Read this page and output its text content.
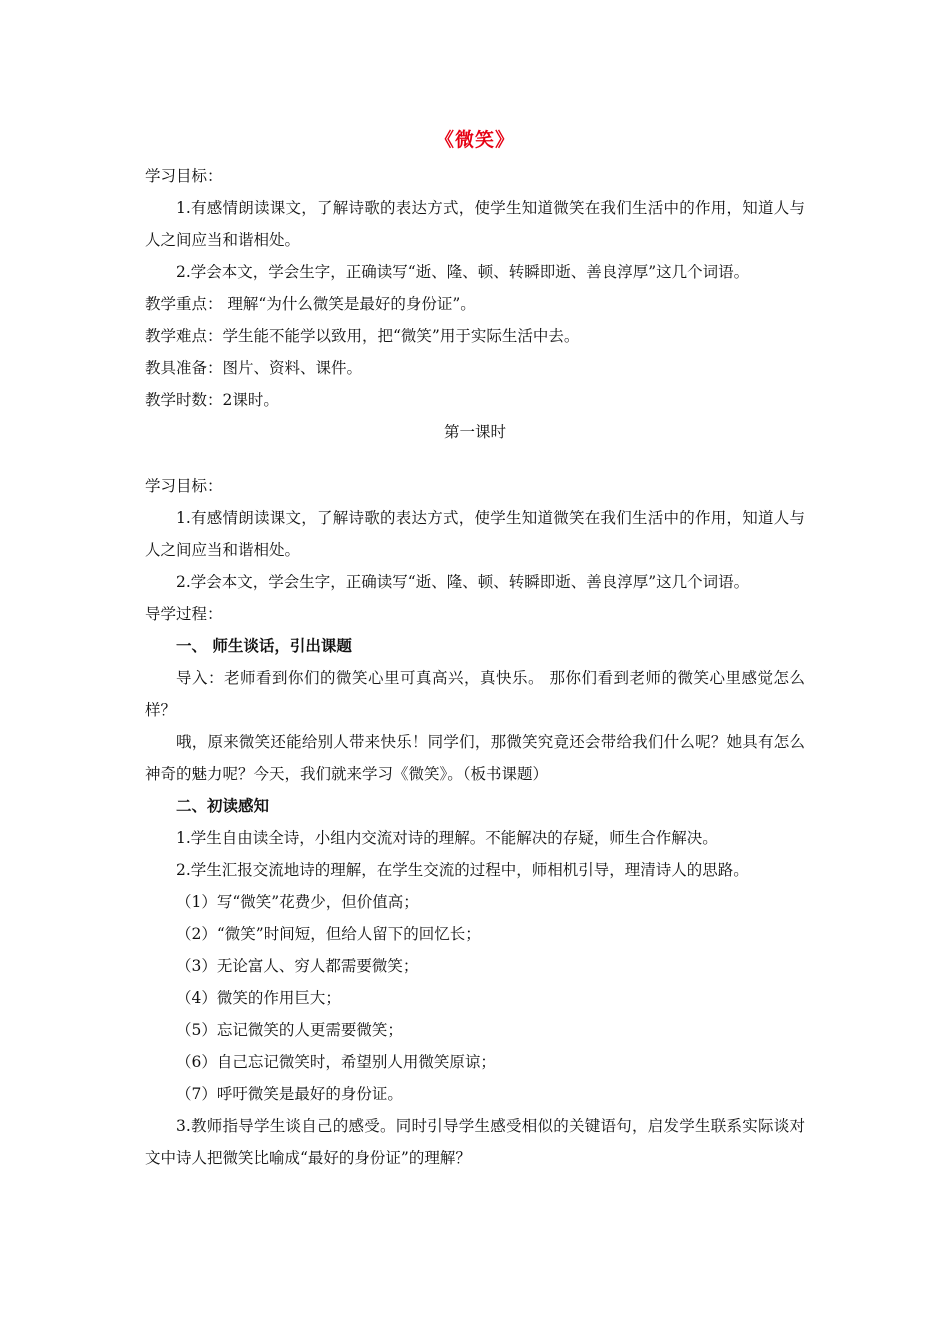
《微笑》
学习目标：
1.有感情朗读课文，了解诗歌的表达方式，使学生知道微笑在我们生活中的作用，知道人与人之间应当和谐相处。
2.学会本文，学会生字，正确读写“逝、隆、顿、转瞬即逝、善良淳厚”这几个词语。
教学重点： 理解“为什么微笑是最好的身份证”。
教学难点：学生能不能学以致用，把“微笑”用于实际生活中去。
教具准备：图片、资料、课件。
教学时数：2课时。
第一课时
学习目标：
1.有感情朗读课文，了解诗歌的表达方式，使学生知道微笑在我们生活中的作用，知道人与人之间应当和谐相处。
2.学会本文，学会生字，正确读写“逝、隆、顿、转瞬即逝、善良淳厚”这几个词语。
导学过程：
一、 师生谈话，引出课题
导入：老师看到你们的微笑心里可真高兴，真快乐。 那你们看到老师的微笑心里感觉怎么样？
哦，原来微笑还能给别人带来快乐！同学们，那微笑究竟还会带给我们什么呢？她具有怎么神奇的魅力呢？今天，我们就来学习《微笑》。（板书课题）
二、初读感知
1.学生自由读全诗，小组内交流对诗的理解。不能解决的存疑，师生合作解决。
2.学生汇报交流地诗的理解，在学生交流的过程中，师相机引导，理清诗人的思路。
（1）写“微笑”花费少，但价值高；
（2）“微笑”时间短，但给人留下的回忆长；
（3）无论富人、穷人都需要微笑；
（4）微笑的作用巨大；
（5）忘记微笑的人更需要微笑；
（6）自己忘记微笑时，希望别人用微笑原谅；
（7）呼吁微笑是最好的身份证。
3.教师指导学生谈自己的感受。同时引导学生感受相似的关键语句，启发学生联系实际谈对文中诗人把微笑比喻成“最好的身份证”的理解？
